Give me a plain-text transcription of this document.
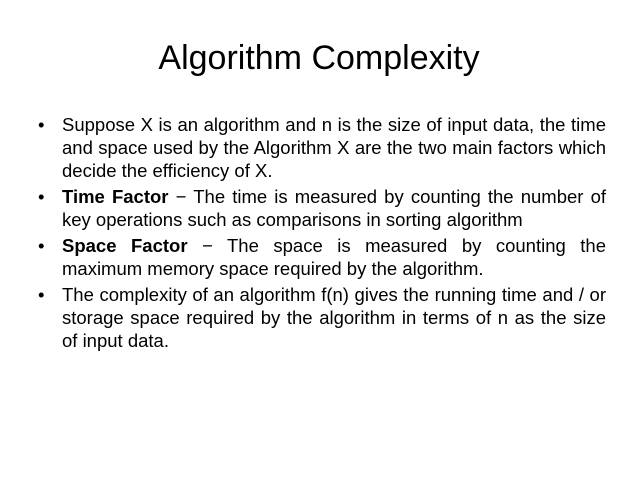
Algorithm Complexity
• Suppose X is an algorithm and n is the size of input data, the time and space used by the Algorithm X are the two main factors which decide the efficiency of X.
• Time Factor − The time is measured by counting the number of key operations such as comparisons in sorting algorithm
• Space Factor − The space is measured by counting the maximum memory space required by the algorithm.
• The complexity of an algorithm f(n) gives the running time and / or storage space required by the algorithm in terms of n as the size of input data.
